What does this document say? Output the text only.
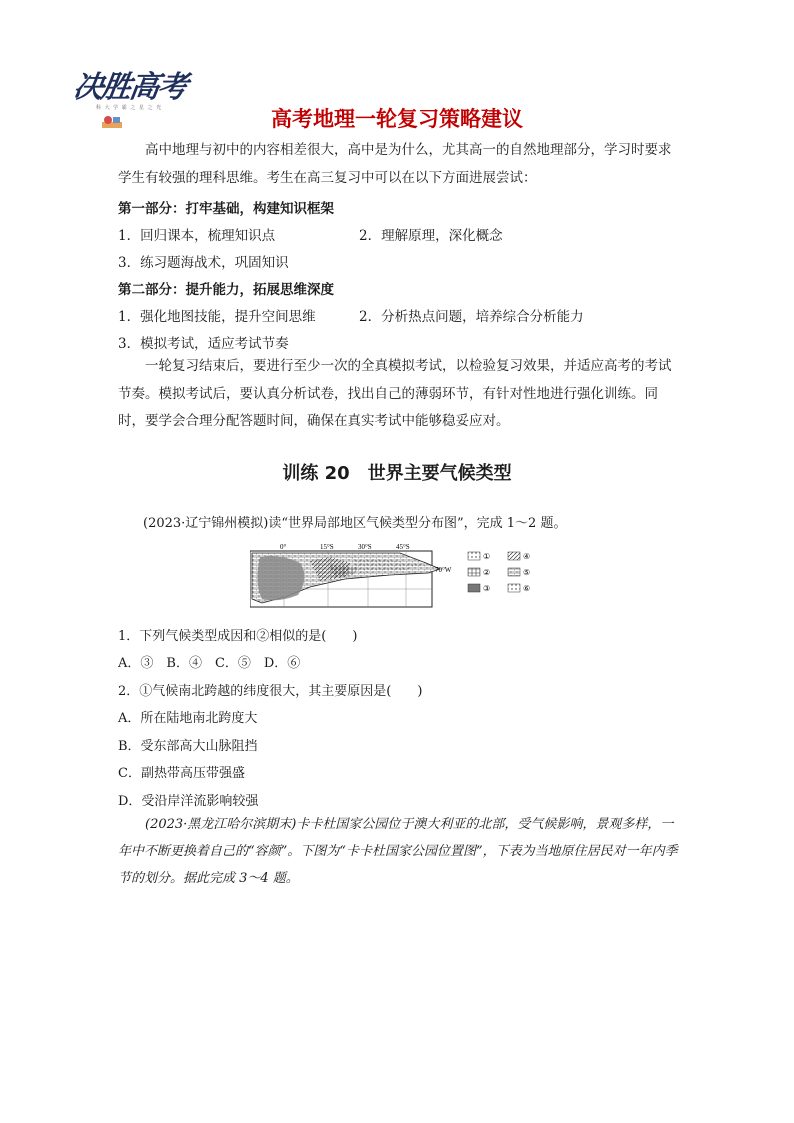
决胜高考
科 大 学 霸 之 星 之 光	高考地理一轮复习策略建议
高中地理与初中的内容相差很大，高中是为什么，尤其高一的自然地理部分，学习时要求学生有较强的理科思维。考生在高三复习中可以在以下方面进展尝试：
第一部分：打牢基础，构建知识框架
1．回归课本，梳理知识点	2．理解原理，深化概念
3．练习题海战术，巩固知识
第二部分：提升能力，拓展思维深度
1．强化地图技能，提升空间思维	2．分析热点问题，培养综合分析能力
3．模拟考试，适应考试节奏
一轮复习结束后，要进行至少一次的全真模拟考试，以检验复习效果，并适应高考的考试节奏。模拟考试后，要认真分析试卷，找出自己的薄弱环节，有针对性地进行强化训练。同时，要学会合理分配答题时间，确保在真实考试中能够稳妥应对。
训练 20　世界主要气候类型
(2023·辽宁锦州模拟)读“世界局部地区气候类型分布图”，完成 1～2 题。
0°	15°S	30°S	45°S
70°W
①	④
②	⑤
③	⑥
1．下列气候类型成因和②相似的是(　　)
A．③　B．④　C．⑤　D．⑥
2．①气候南北跨越的纬度很大，其主要原因是(　　)
A．所在陆地南北跨度大
B．受东部高大山脉阻挡
C．副热带高压带强盛
D．受沿岸洋流影响较强
(2023·黑龙江哈尔滨期末)卡卡杜国家公园位于澳大利亚的北部，受气候影响，景观多样，一年中不断更换着自己的“容颜”。下图为“卡卡杜国家公园位置图”，下表为当地原住居民对一年内季节的划分。据此完成 3～4 题。
